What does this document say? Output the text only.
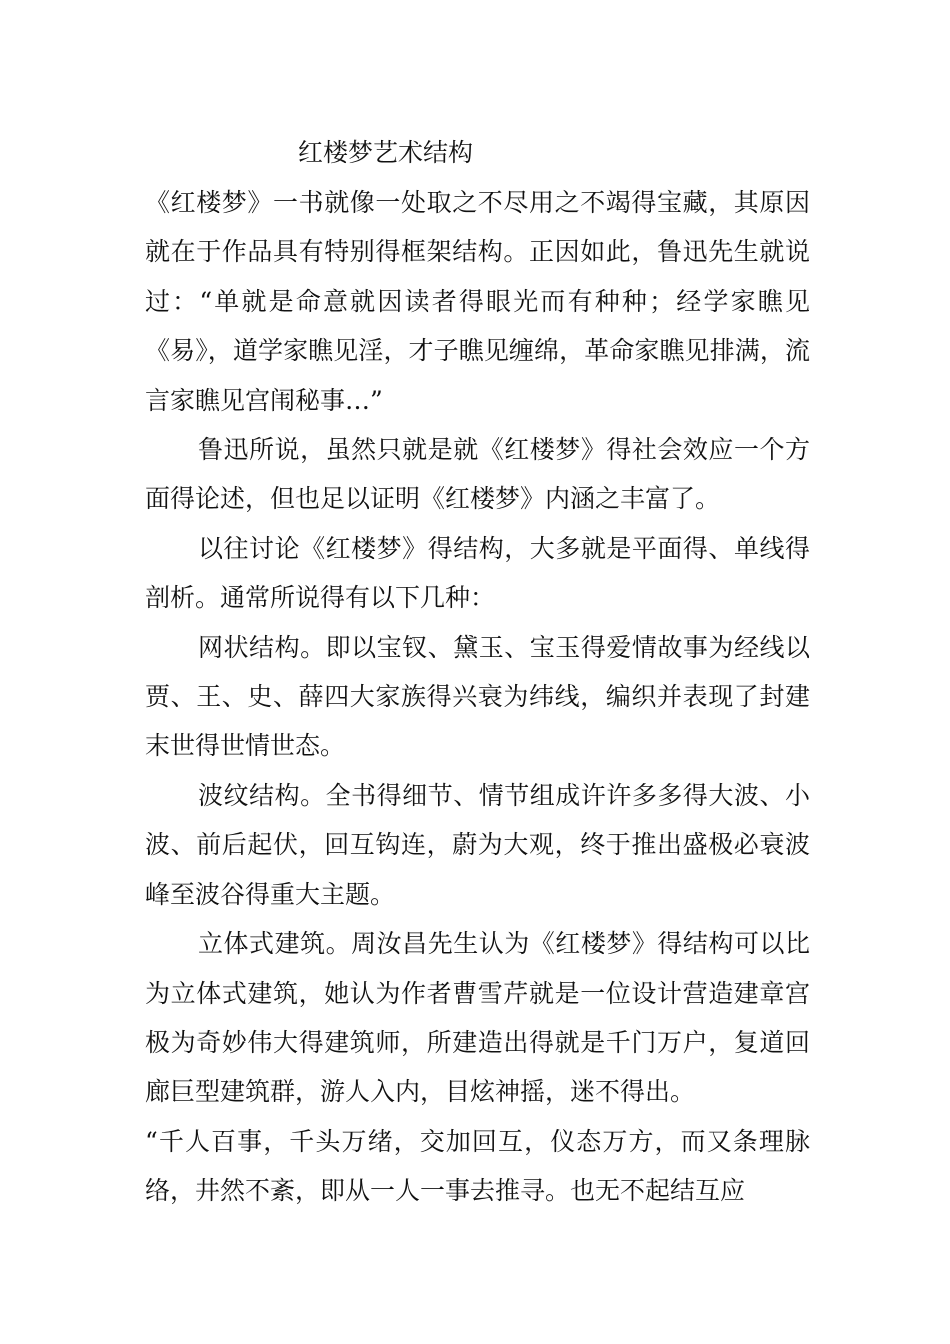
红楼梦艺术结构

《红楼梦》一书就像一处取之不尽用之不竭得宝藏，其原因就在于作品具有特别得框架结构。正因如此，鲁迅先生就说过：“单就是命意就因读者得眼光而有种种；经学家瞧见《易》，道学家瞧见淫，才子瞧见缠绵，革命家瞧见排满，流言家瞧见宫闱秘事…”

鲁迅所说，虽然只就是就《红楼梦》得社会效应一个方面得论述，但也足以证明《红楼梦》内涵之丰富了。

以往讨论《红楼梦》得结构，大多就是平面得、单线得剖析。通常所说得有以下几种：

网状结构。即以宝钗、黛玉、宝玉得爱情故事为经线以贾、王、史、薛四大家族得兴衰为纬线，编织并表现了封建末世得世情世态。

波纹结构。全书得细节、情节组成许许多多得大波、小波、前后起伏，回互钩连，蔚为大观，终于推出盛极必衰波峰至波谷得重大主题。

立体式建筑。周汝昌先生认为《红楼梦》得结构可以比为立体式建筑，她认为作者曹雪芹就是一位设计营造建章宫极为奇妙伟大得建筑师，所建造出得就是千门万户，复道回廊巨型建筑群，游人入内，目炫神摇，迷不得出。

“千人百事，千头万绪，交加回互，仪态万方，而又条理脉络，井然不紊，即从一人一事去推寻。也无不起结互应
